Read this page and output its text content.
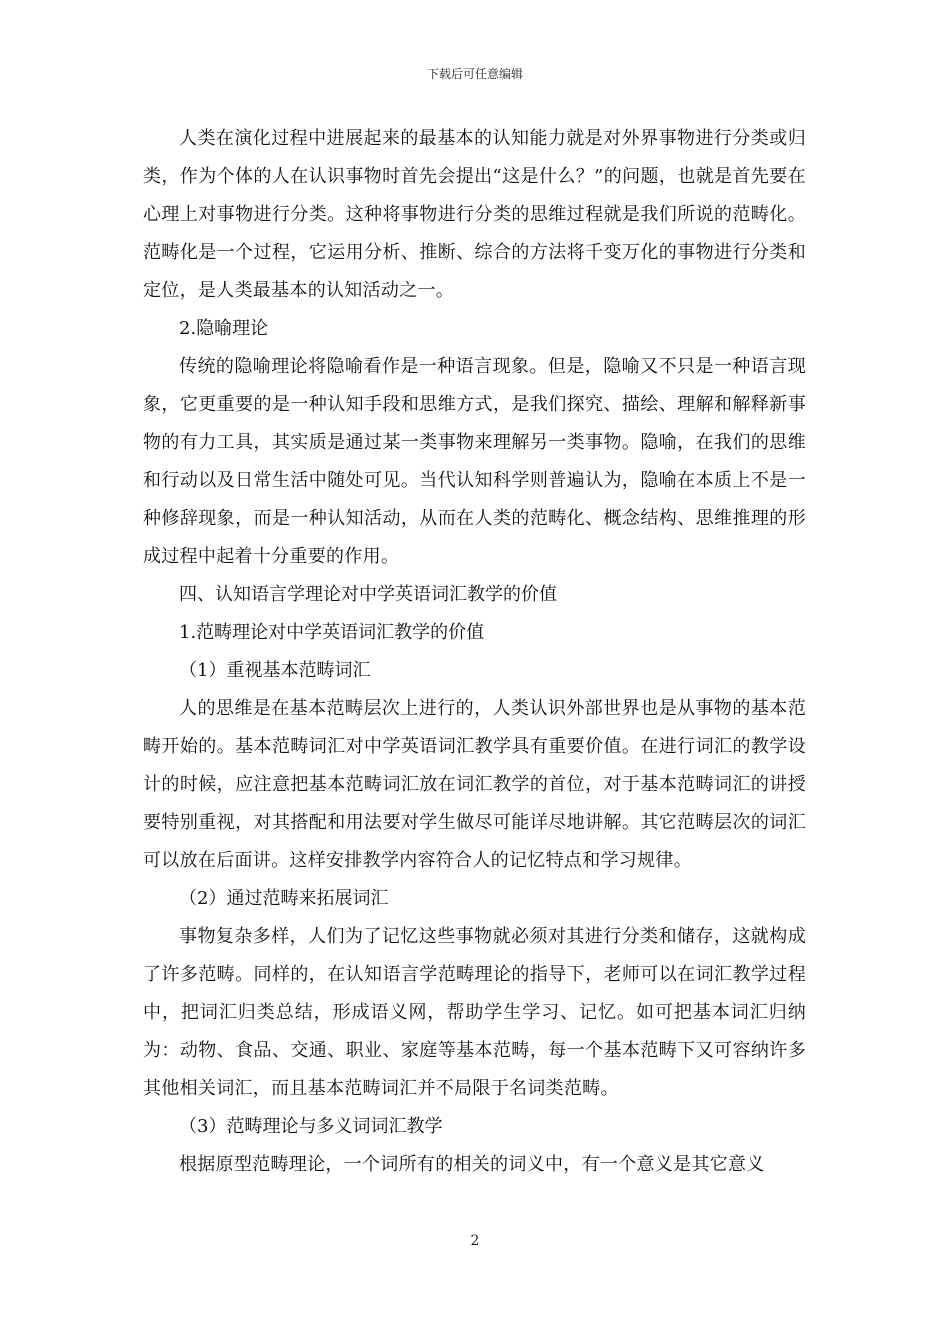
下载后可任意编辑

人类在演化过程中进展起来的最基本的认知能力就是对外界事物进行分类或归类，作为个体的人在认识事物时首先会提出“这是什么？”的问题，也就是首先要在心理上对事物进行分类。这种将事物进行分类的思维过程就是我们所说的范畴化。范畴化是一个过程，它运用分析、推断、综合的方法将千变万化的事物进行分类和定位，是人类最基本的认知活动之一。

2.隐喻理论

传统的隐喻理论将隐喻看作是一种语言现象。但是，隐喻又不只是一种语言现象，它更重要的是一种认知手段和思维方式，是我们探究、描绘、理解和解释新事物的有力工具，其实质是通过某一类事物来理解另一类事物。隐喻，在我们的思维和行动以及日常生活中随处可见。当代认知科学则普遍认为，隐喻在本质上不是一种修辞现象，而是一种认知活动，从而在人类的范畴化、概念结构、思维推理的形成过程中起着十分重要的作用。

四、认知语言学理论对中学英语词汇教学的价值

1.范畴理论对中学英语词汇教学的价值

（1）重视基本范畴词汇

人的思维是在基本范畴层次上进行的，人类认识外部世界也是从事物的基本范畴开始的。基本范畴词汇对中学英语词汇教学具有重要价值。在进行词汇的教学设计的时候，应注意把基本范畴词汇放在词汇教学的首位，对于基本范畴词汇的讲授要特别重视，对其搭配和用法要对学生做尽可能详尽地讲解。其它范畴层次的词汇可以放在后面讲。这样安排教学内容符合人的记忆特点和学习规律。

（2）通过范畴来拓展词汇

事物复杂多样，人们为了记忆这些事物就必须对其进行分类和储存，这就构成了许多范畴。同样的，在认知语言学范畴理论的指导下，老师可以在词汇教学过程中，把词汇归类总结，形成语义网，帮助学生学习、记忆。如可把基本词汇归纳为：动物、食品、交通、职业、家庭等基本范畴，每一个基本范畴下又可容纳许多其他相关词汇，而且基本范畴词汇并不局限于名词类范畴。

（3）范畴理论与多义词词汇教学

根据原型范畴理论，一个词所有的相关的词义中，有一个意义是其它意义

2
